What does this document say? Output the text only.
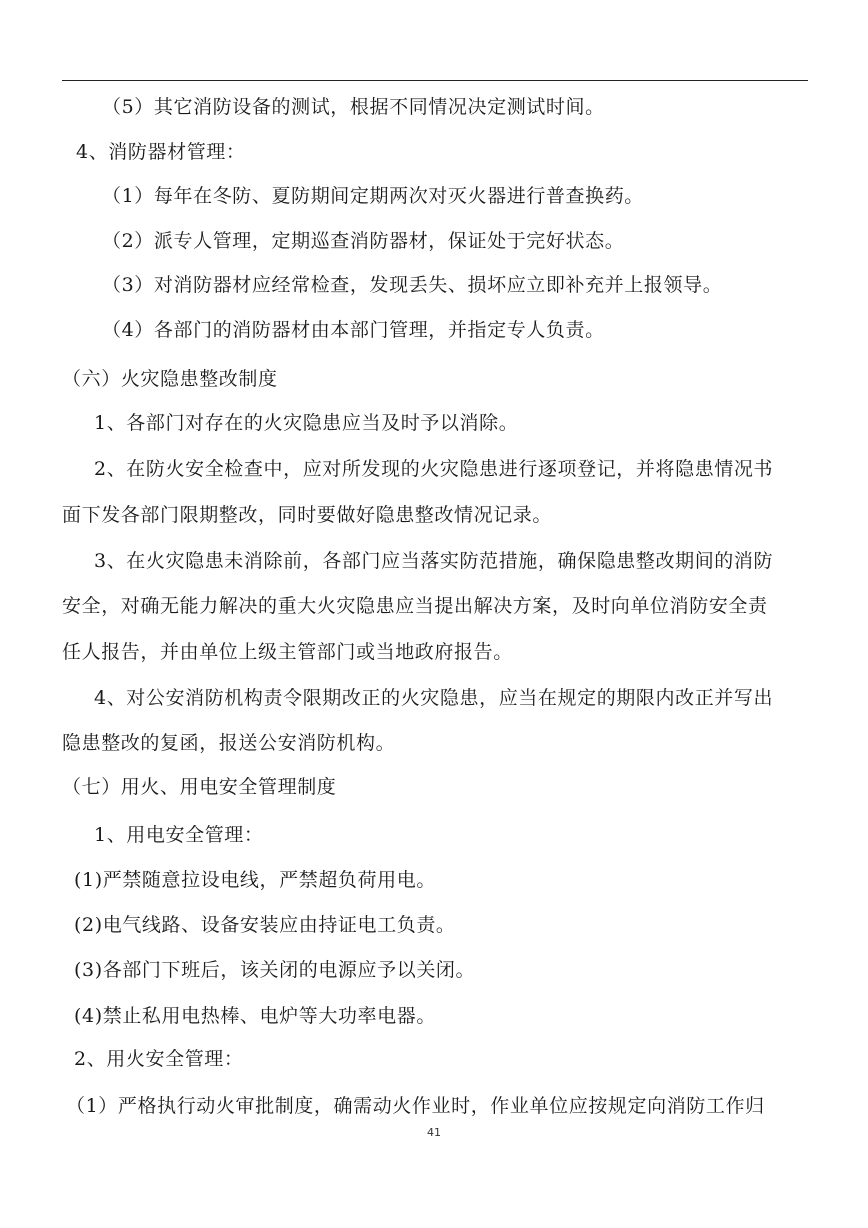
（5）其它消防设备的测试，根据不同情况决定测试时间。
4、消防器材管理：
（1）每年在冬防、夏防期间定期两次对灭火器进行普查换药。
（2）派专人管理，定期巡查消防器材，保证处于完好状态。
（3）对消防器材应经常检查，发现丢失、损坏应立即补充并上报领导。
（4）各部门的消防器材由本部门管理，并指定专人负责。
（六）火灾隐患整改制度
1、各部门对存在的火灾隐患应当及时予以消除。
2、在防火安全检查中，应对所发现的火灾隐患进行逐项登记，并将隐患情况书
面下发各部门限期整改，同时要做好隐患整改情况记录。
3、在火灾隐患未消除前，各部门应当落实防范措施，确保隐患整改期间的消防
安全，对确无能力解决的重大火灾隐患应当提出解决方案，及时向单位消防安全责
任人报告，并由单位上级主管部门或当地政府报告。
4、对公安消防机构责令限期改正的火灾隐患，应当在规定的期限内改正并写出
隐患整改的复函，报送公安消防机构。
（七）用火、用电安全管理制度
1、用电安全管理：
(1)严禁随意拉设电线，严禁超负荷用电。
(2)电气线路、设备安装应由持证电工负责。
(3)各部门下班后，该关闭的电源应予以关闭。
(4)禁止私用电热棒、电炉等大功率电器。
2、用火安全管理：
（1）严格执行动火审批制度，确需动火作业时，作业单位应按规定向消防工作归
41
